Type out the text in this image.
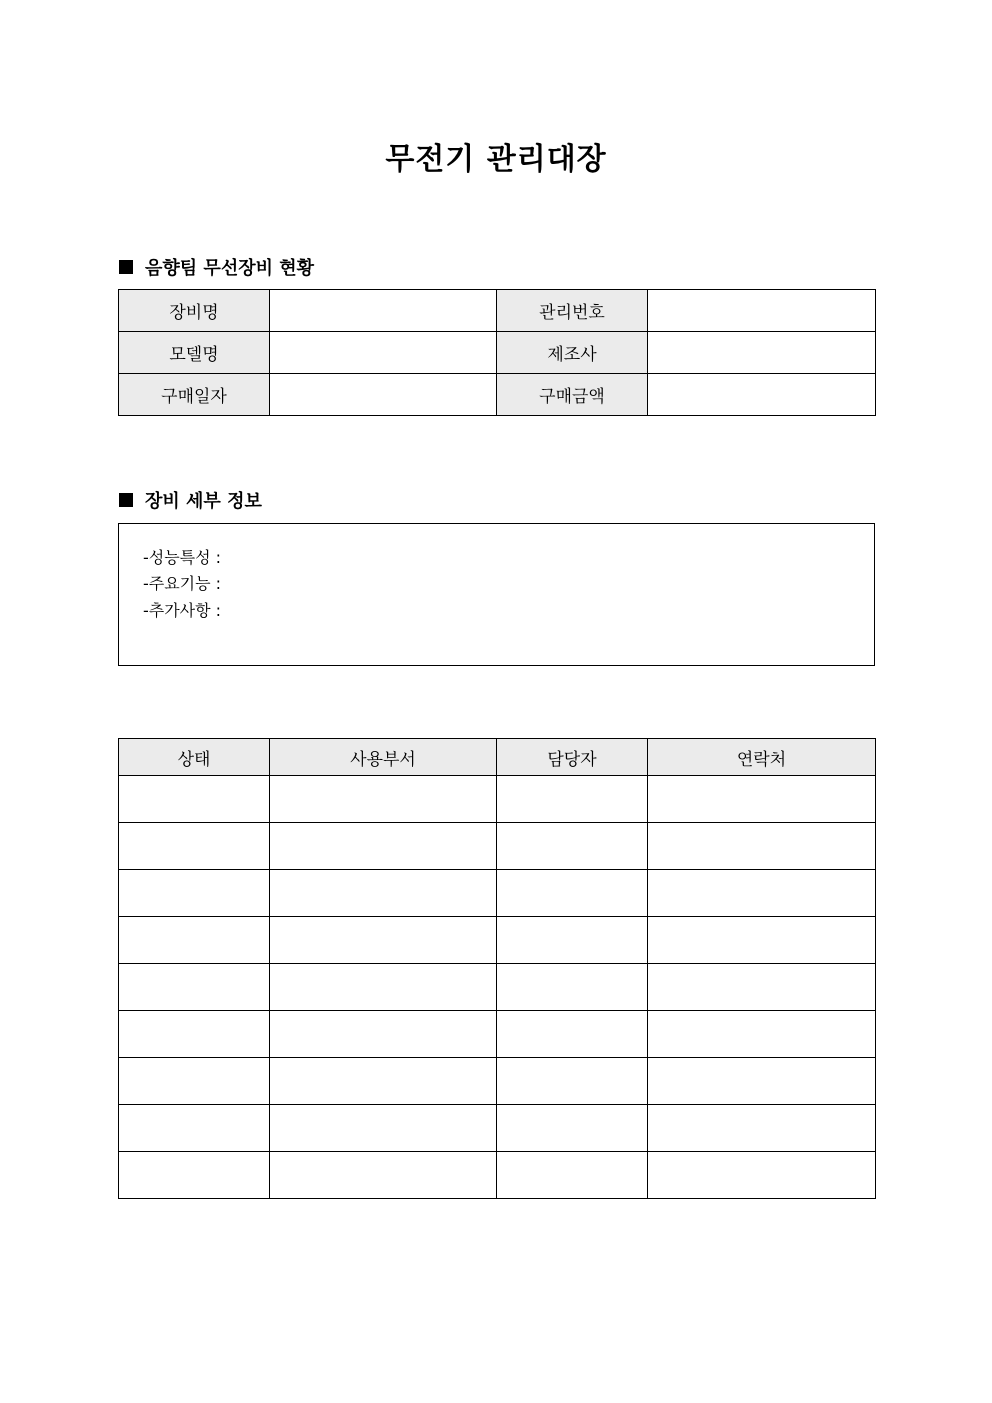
무전기 관리대장
음향팀 무선장비 현황
장비명		관리번호	
모델명		제조사	
구매일자		구매금액	
장비 세부 정보
-성능특성 :
-주요기능 :
-추가사항 :
상태	사용부서	담당자	연락처
